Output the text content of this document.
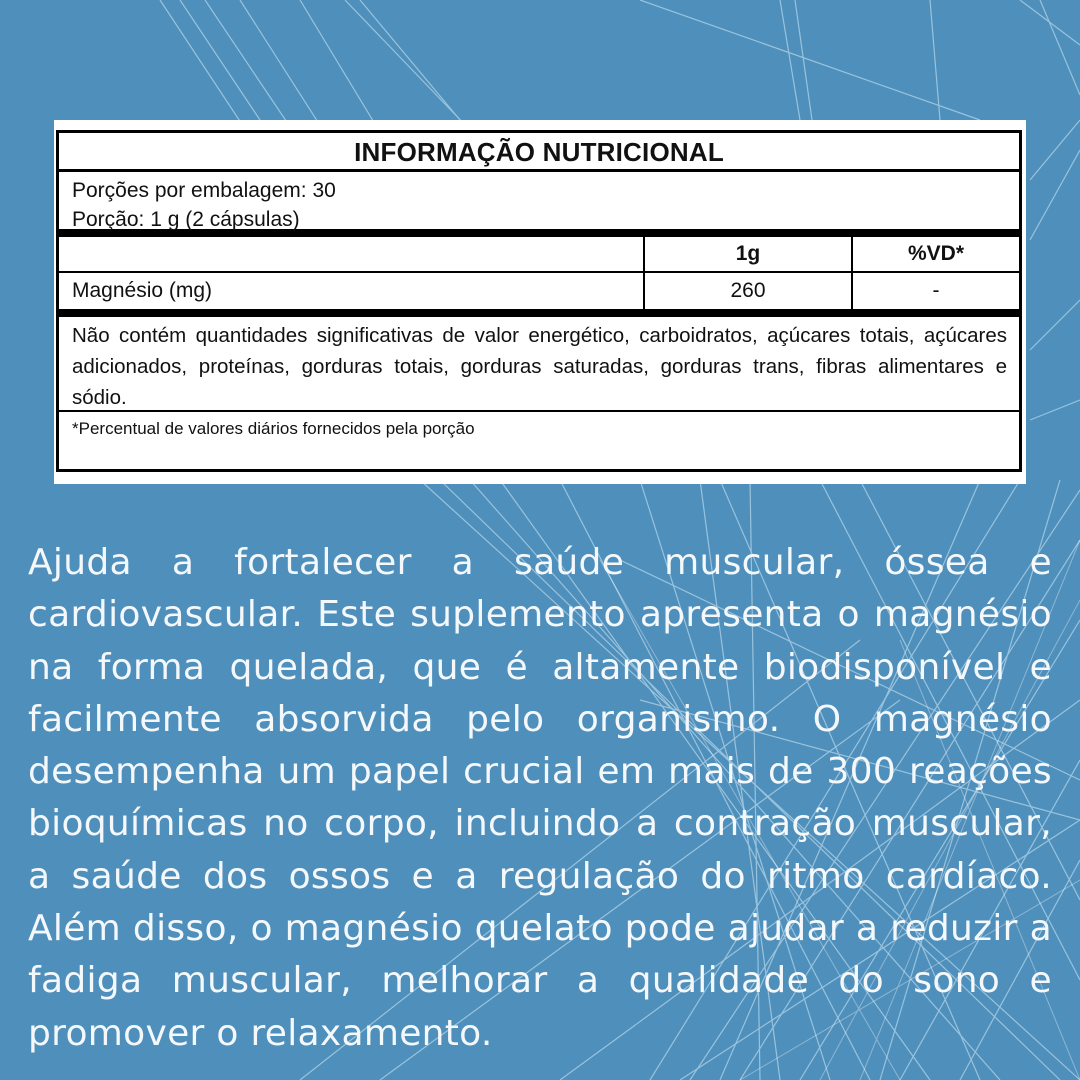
INFORMAÇÃO NUTRICIONAL
Porções por embalagem: 30
Porção: 1 g (2 cápsulas)
	1g	%VD*
Magnésio (mg)	260	-
Não contém quantidades significativas de valor energético, carboidratos, açúcares totais, açúcares adicionados, proteínas, gorduras totais, gorduras saturadas, gorduras trans, fibras alimentares e sódio.
*Percentual de valores diários fornecidos pela porção
Ajuda a fortalecer a saúde muscular, óssea e cardiovascular. Este suplemento apresenta o magnésio na forma quelada, que é altamente biodisponível e facilmente absorvida pelo organismo. O magnésio desempenha um papel crucial em mais de 300 reações bioquímicas no corpo, incluindo a contração muscular, a saúde dos ossos e a regulação do ritmo cardíaco. Além disso, o magnésio quelato pode ajudar a reduzir a fadiga muscular, melhorar a qualidade do sono e promover o relaxamento.
